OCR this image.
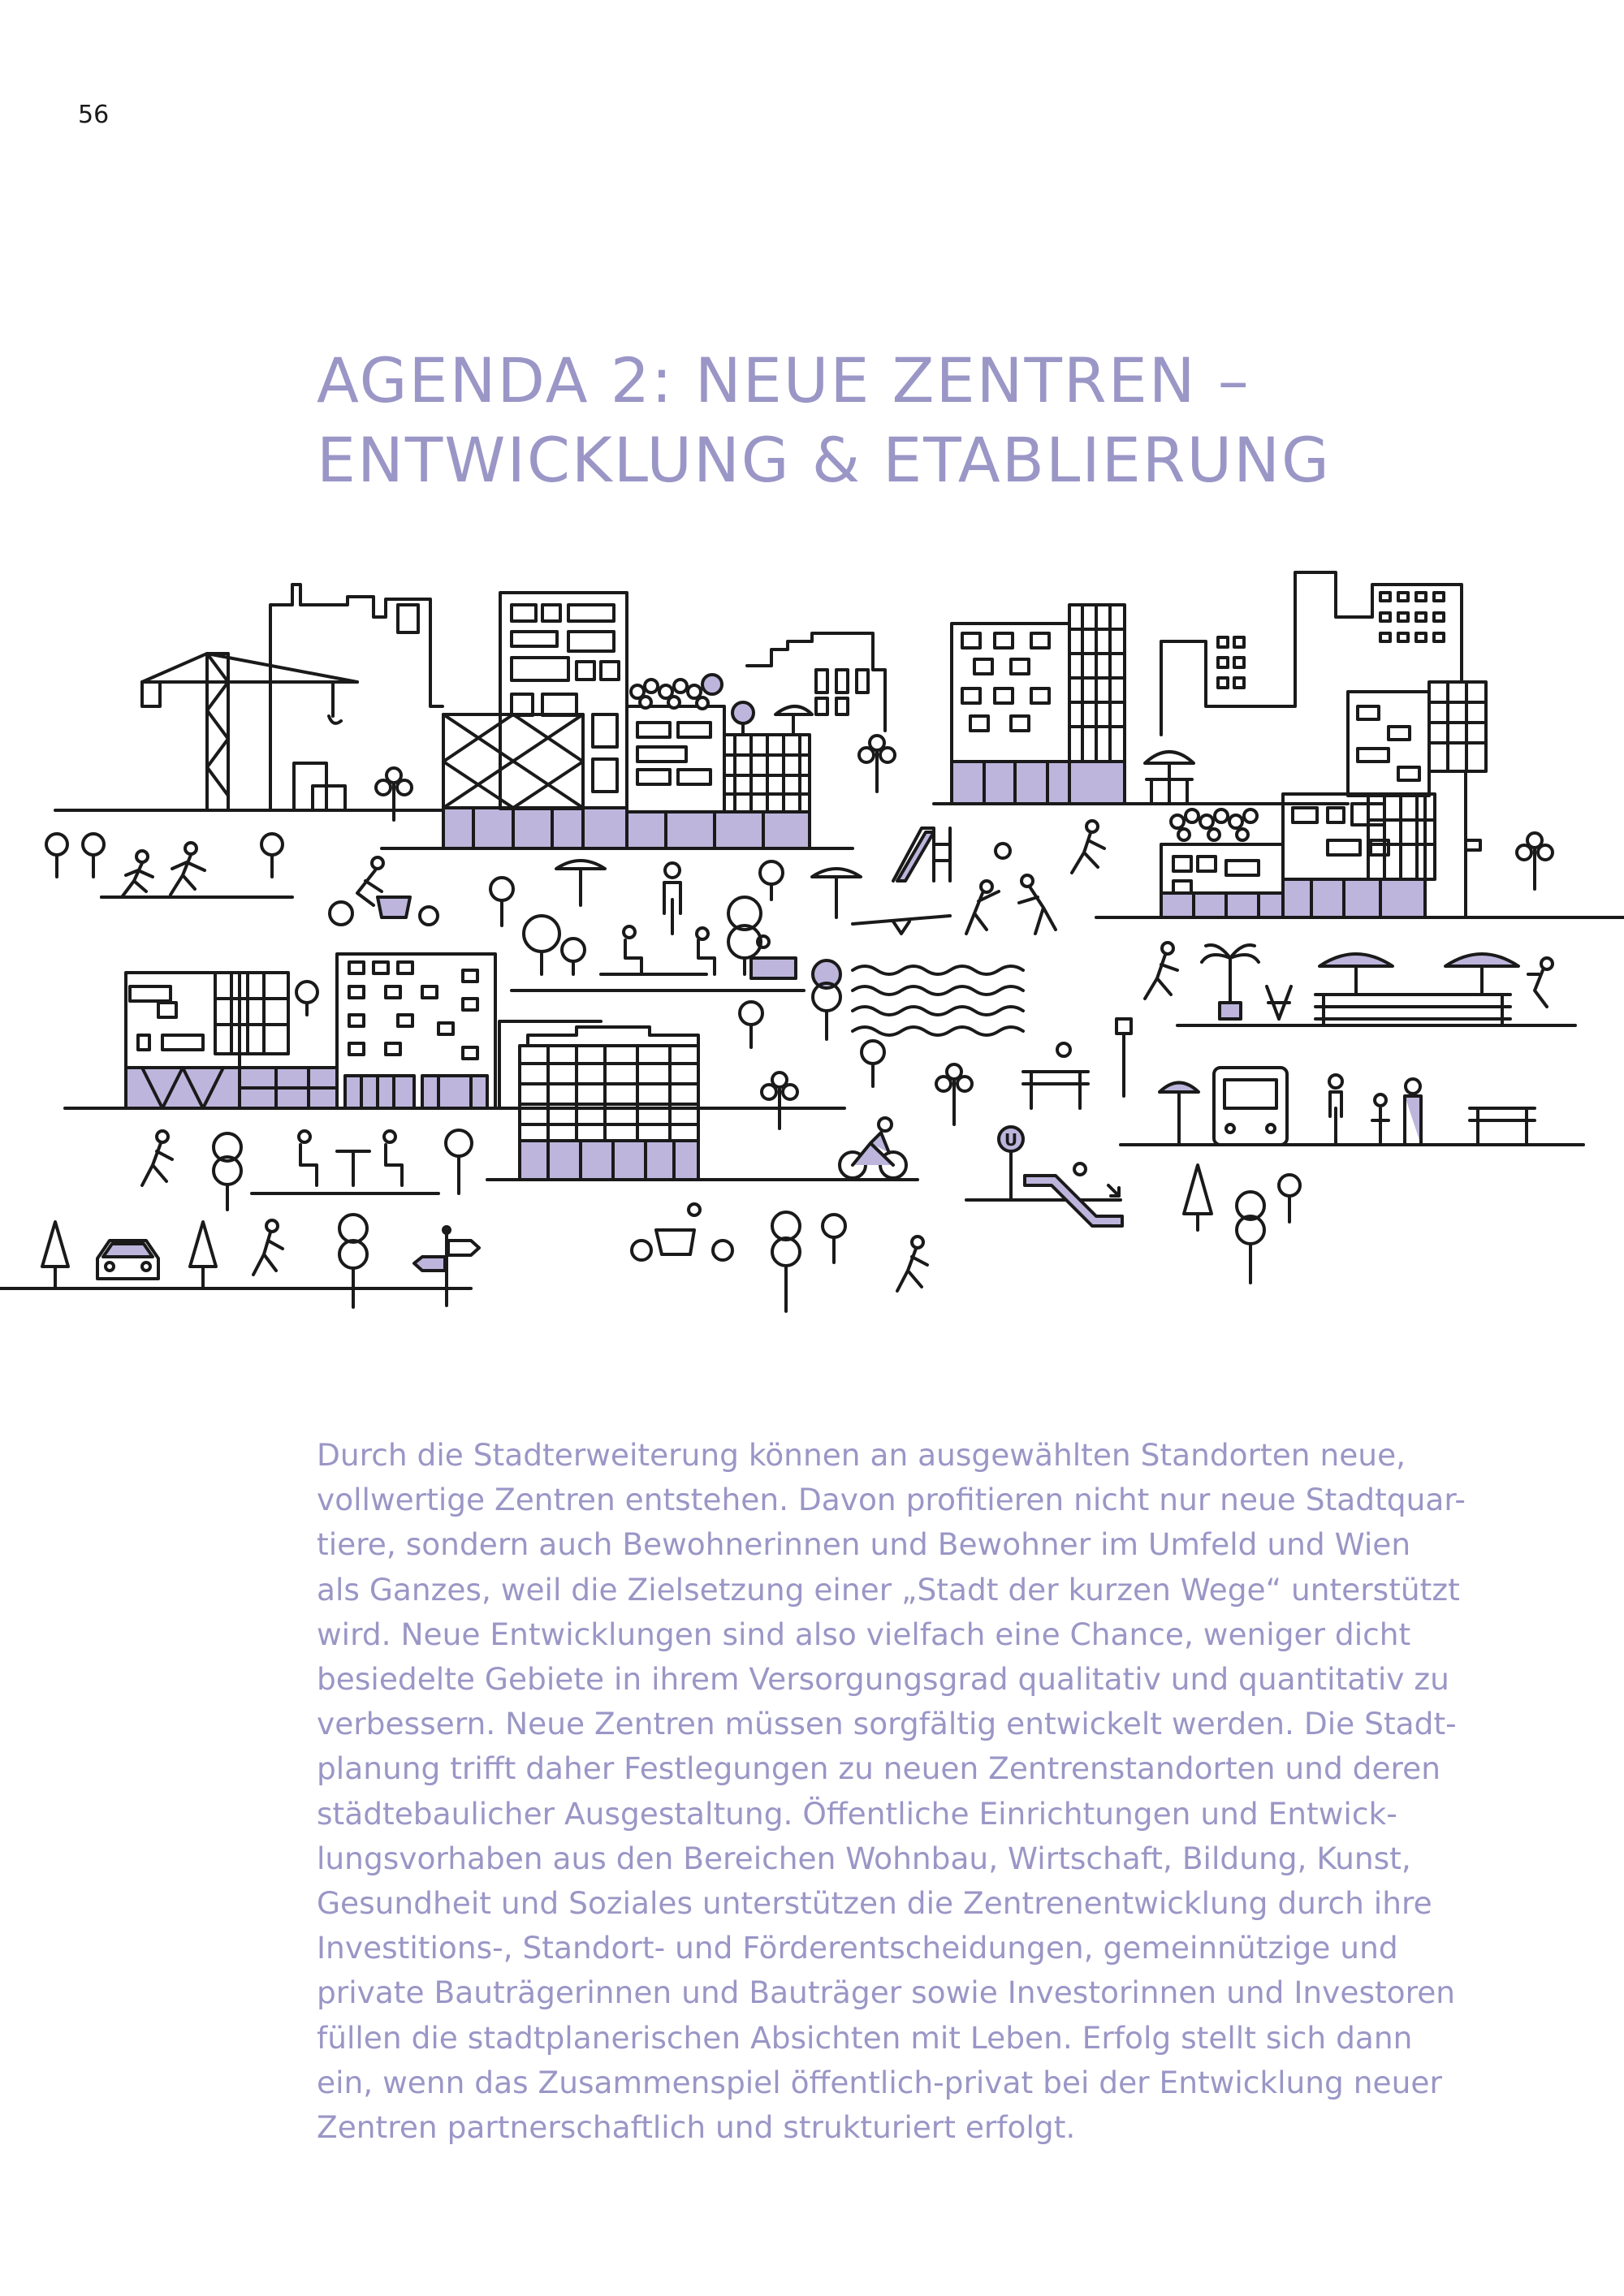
56
AGENDA 2: NEUE ZENTREN –
ENTWICKLUNG & ETABLIERUNG
U

Durch die Stadterweiterung können an ausgewählten Standorten neue,
vollwertige Zentren entstehen. Davon profitieren nicht nur neue Stadtquar-
tiere, sondern auch Bewohnerinnen und Bewohner im Umfeld und Wien
als Ganzes, weil die Zielsetzung einer „Stadt der kurzen Wege“ unterstützt
wird. Neue Entwicklungen sind also vielfach eine Chance, weniger dicht
besiedelte Gebiete in ihrem Versorgungsgrad qualitativ und quantitativ zu
verbessern. Neue Zentren müssen sorgfältig entwickelt werden. Die Stadt-
planung trifft daher Festlegungen zu neuen Zentrenstandorten und deren
städtebaulicher Ausgestaltung. Öffentliche Einrichtungen und Entwick-
lungsvorhaben aus den Bereichen Wohnbau, Wirtschaft, Bildung, Kunst,
Gesundheit und Soziales unterstützen die Zentrenentwicklung durch ihre
Investitions-, Standort- und Förderentscheidungen, gemeinnützige und
private Bauträgerinnen und Bauträger sowie Investorinnen und Investoren
füllen die stadtplanerischen Absichten mit Leben. Erfolg stellt sich dann
ein, wenn das Zusammenspiel öffentlich-privat bei der Entwicklung neuer
Zentren partnerschaftlich und strukturiert erfolgt.
